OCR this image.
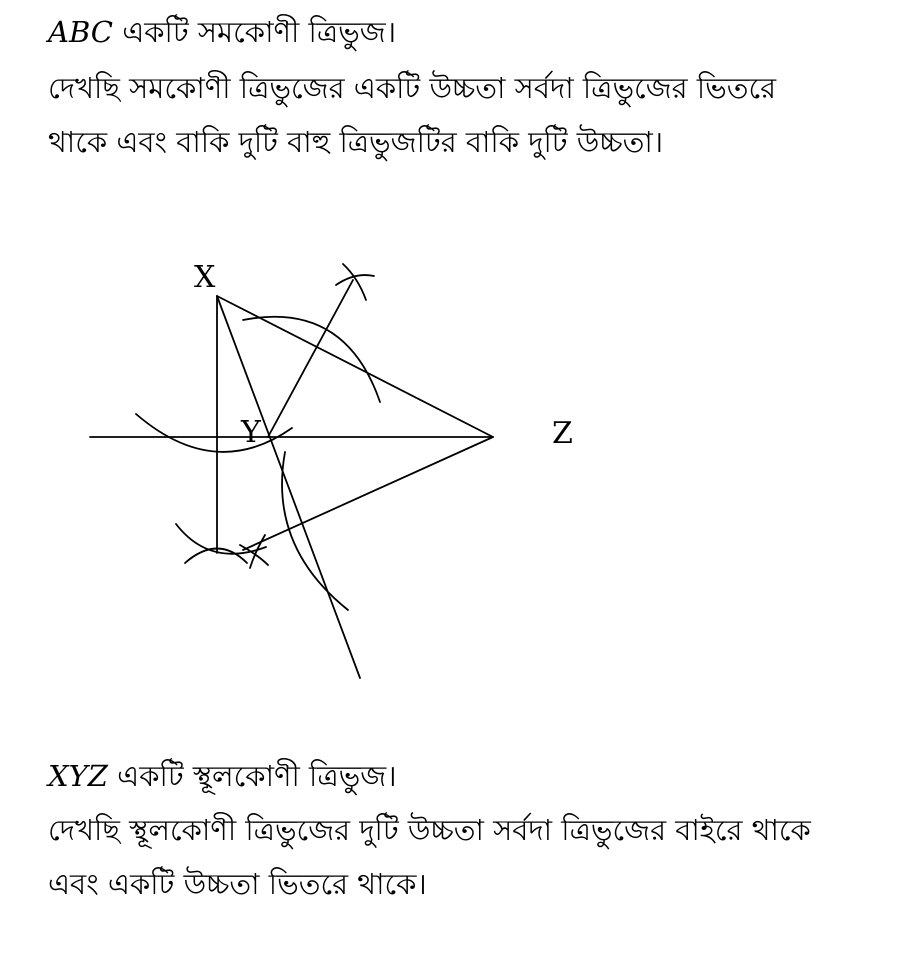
ABC একটি সমকোণী ত্রিভুজ।
দেখছি সমকোণী ত্রিভুজের একটি উচ্চতা সর্বদা ত্রিভুজের ভিতরে
থাকে এবং বাকি দুটি বাহু ত্রিভুজটির বাকি দুটি উচ্চতা।
X
Y	Z
XYZ একটি স্থূলকোণী ত্রিভুজ।
দেখছি স্থূলকোণী ত্রিভুজের দুটি উচ্চতা সর্বদা ত্রিভুজের বাইরে থাকে
এবং একটি উচ্চতা ভিতরে থাকে।
